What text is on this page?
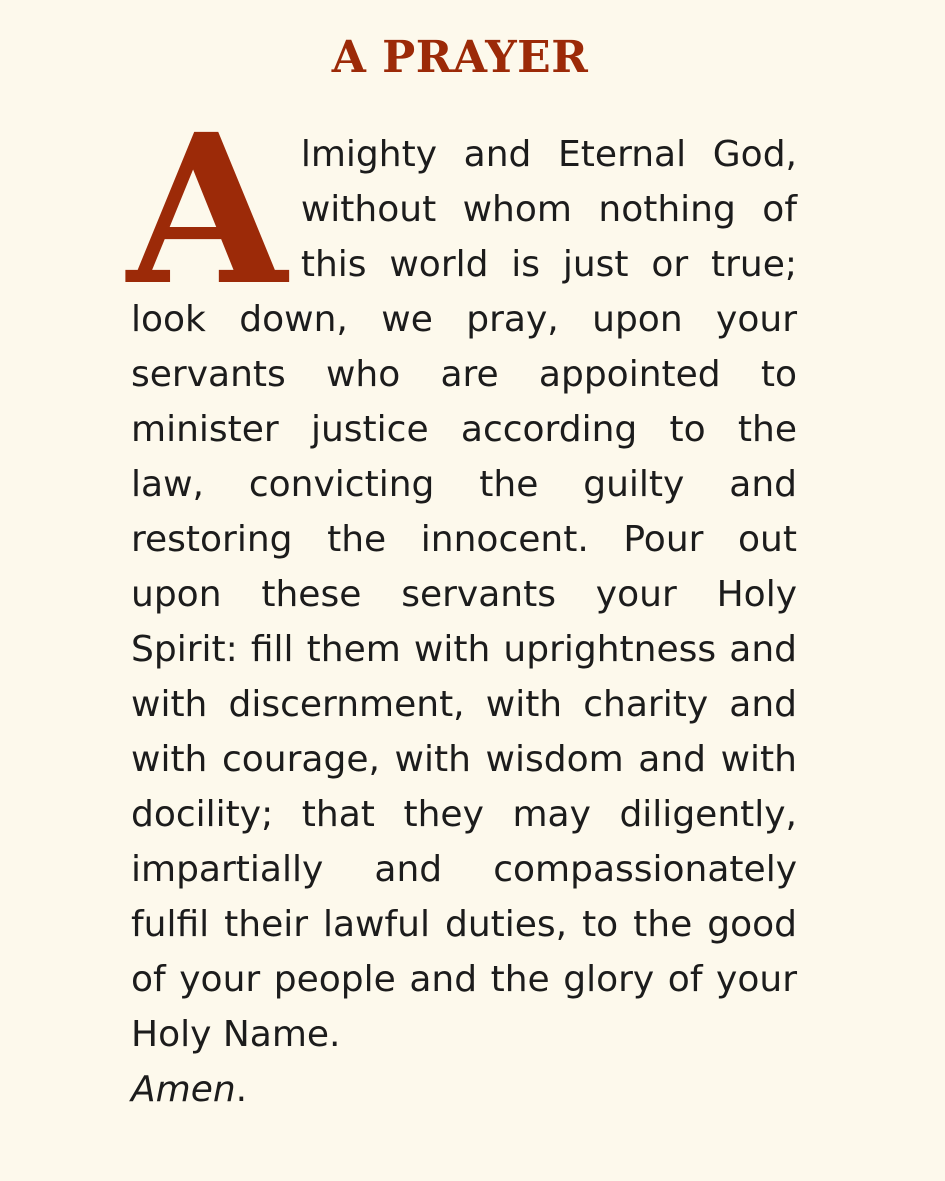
A PRAYER

Almighty and Eternal God, without whom nothing of this world is just or true; look down, we pray, upon your servants who are appointed to minister justice according to the law, convicting the guilty and restoring the innocent. Pour out upon these servants your Holy Spirit: fill them with uprightness and with discernment, with charity and with courage, with wisdom and with docility; that they may diligently, impartially and compassionately fulfil their lawful duties, to the good of your people and the glory of your Holy Name.
Amen.
